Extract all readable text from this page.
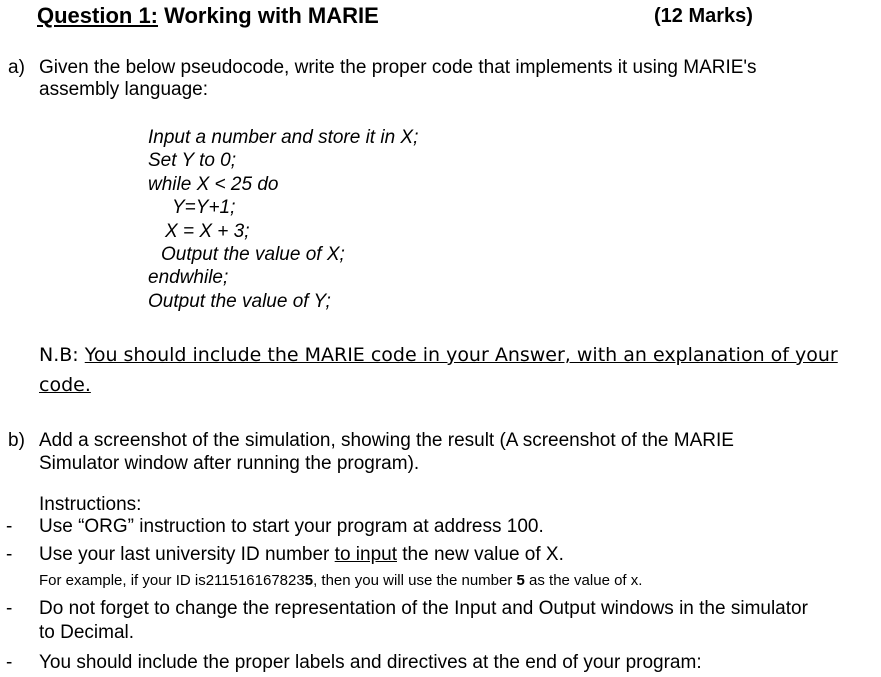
Question 1: Working with MARIE	(12 Marks)
a) Given the below pseudocode, write the proper code that implements it using MARIE's
assembly language:
Input a number and store it in X;
Set Y to 0;
while X < 25 do
Y=Y+1;
X = X + 3;
Output the value of X;
endwhile;
Output the value of Y;
N.B: You should include the MARIE code in your Answer, with an explanation of your
code.
b) Add a screenshot of the simulation, showing the result (A screenshot of the MARIE
Simulator window after running the program).
Instructions:
- Use “ORG” instruction to start your program at address 100.
- Use your last university ID number to input the new value of X.
For example, if your ID is2115161678235, then you will use the number 5 as the value of x.
- Do not forget to change the representation of the Input and Output windows in the simulator
to Decimal.
- You should include the proper labels and directives at the end of your program:
